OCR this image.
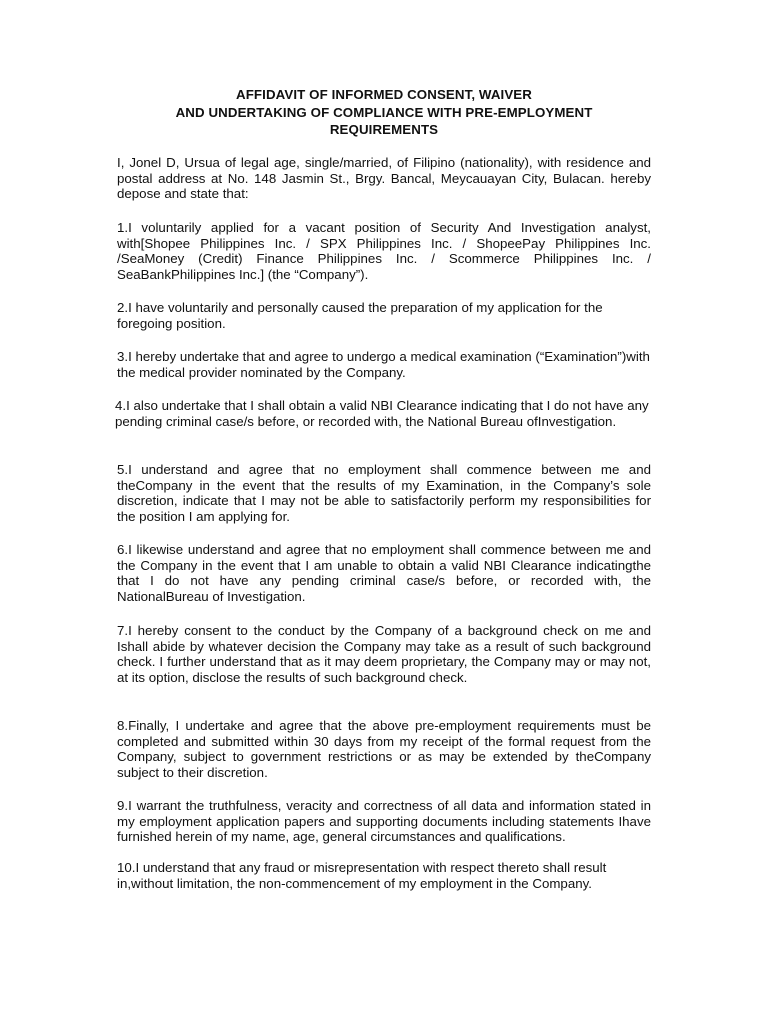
AFFIDAVIT OF INFORMED CONSENT, WAIVER
AND UNDERTAKING OF COMPLIANCE WITH PRE-EMPLOYMENT
REQUIREMENTS

I, Jonel D, Ursua of legal age, single/married, of Filipino (nationality), with residence and postal address at No. 148 Jasmin St., Brgy. Bancal, Meycauayan City, Bulacan. hereby depose and state that:

1.I voluntarily applied for a vacant position of Security And Investigation analyst, with[Shopee Philippines Inc. / SPX Philippines Inc. / ShopeePay Philippines Inc. /SeaMoney (Credit) Finance Philippines Inc. / Scommerce Philippines Inc. / SeaBankPhilippines Inc.] (the “Company”).

2.I have voluntarily and personally caused the preparation of my application for the foregoing position.

3.I hereby undertake that and agree to undergo a medical examination (“Examination”)with the medical provider nominated by the Company.

4.I also undertake that I shall obtain a valid NBI Clearance indicating that I do not have any pending criminal case/s before, or recorded with, the National Bureau ofInvestigation.

5.I understand and agree that no employment shall commence between me and theCompany in the event that the results of my Examination, in the Company’s sole discretion, indicate that I may not be able to satisfactorily perform my responsibilities for the position I am applying for.

6.I likewise understand and agree that no employment shall commence between me and the Company in the event that I am unable to obtain a valid NBI Clearance indicatingthe that I do not have any pending criminal case/s before, or recorded with, the NationalBureau of Investigation.

7.I hereby consent to the conduct by the Company of a background check on me and Ishall abide by whatever decision the Company may take as a result of such background check. I further understand that as it may deem proprietary, the Company may or may not, at its option, disclose the results of such background check.

8.Finally, I undertake and agree that the above pre-employment requirements must be completed and submitted within 30 days from my receipt of the formal request from the Company, subject to government restrictions or as may be extended by theCompany subject to their discretion.

9.I warrant the truthfulness, veracity and correctness of all data and information stated in my employment application papers and supporting documents including statements Ihave furnished herein of my name, age, general circumstances and qualifications.

10.I understand that any fraud or misrepresentation with respect thereto shall result in,without limitation, the non-commencement of my employment in the Company.
